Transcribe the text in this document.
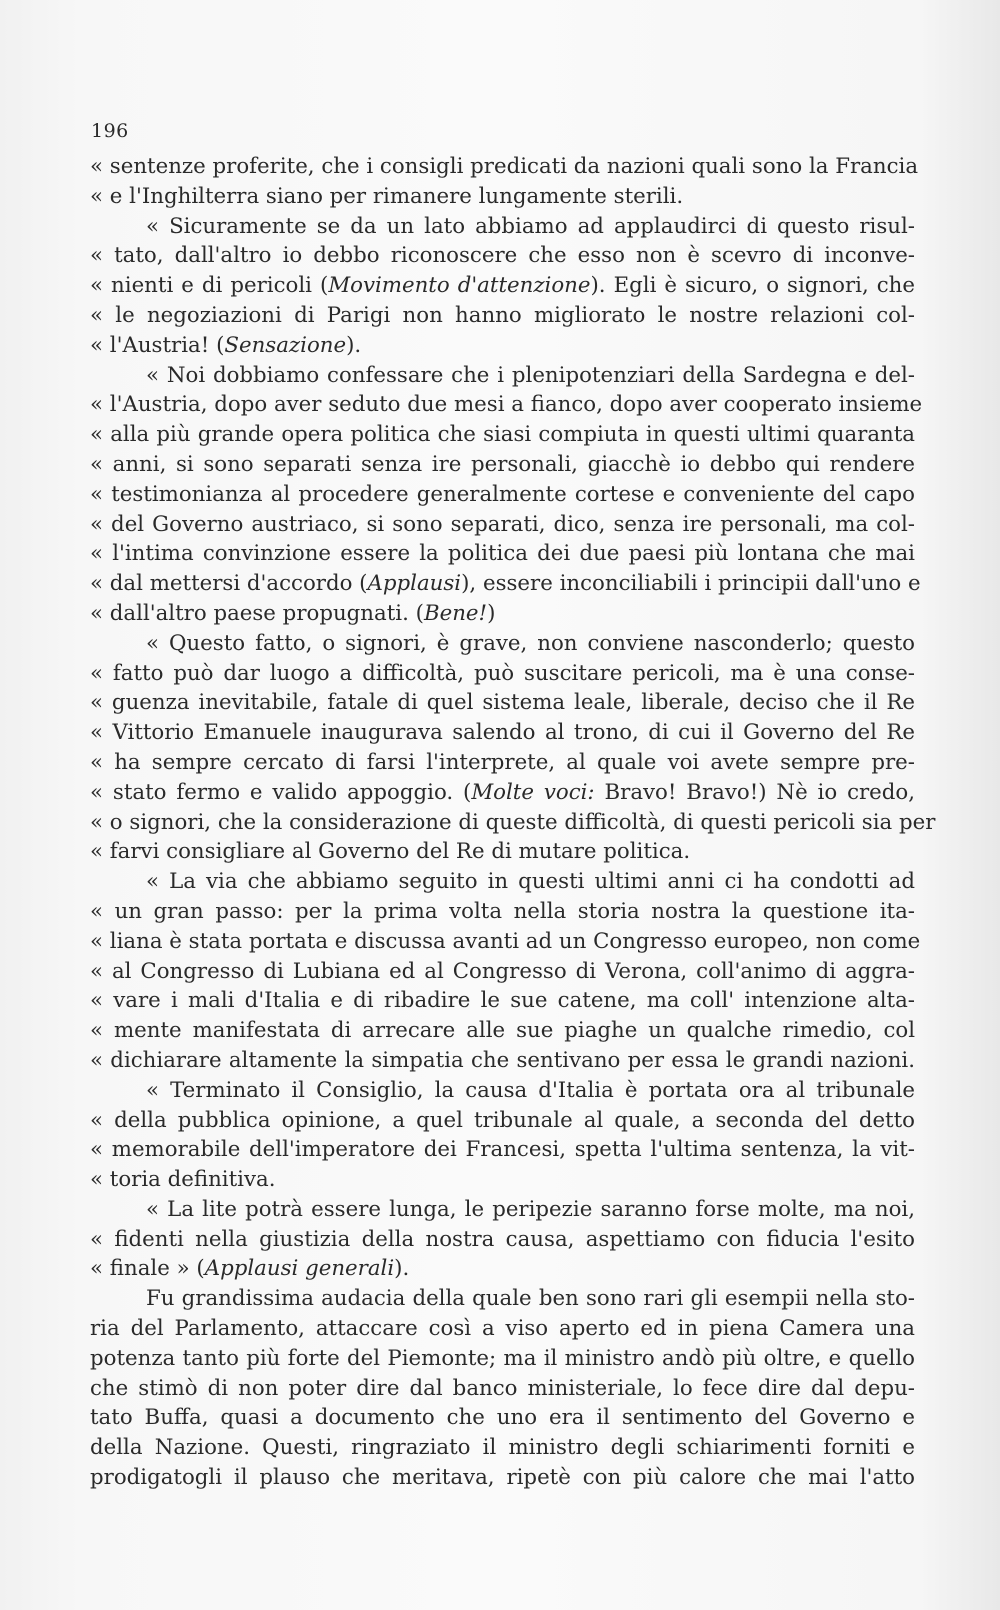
196
« sentenze proferite, che i consigli predicati da nazioni quali sono la Francia
« e l'Inghilterra siano per rimanere lungamente sterili.
« Sicuramente se da un lato abbiamo ad applaudirci di questo risul-
« tato, dall'altro io debbo riconoscere che esso non è scevro di inconve-
« nienti e di pericoli (Movimento d'attenzione). Egli è sicuro, o signori, che
« le negoziazioni di Parigi non hanno migliorato le nostre relazioni col-
« l'Austria! (Sensazione).
« Noi dobbiamo confessare che i plenipotenziari della Sardegna e del-
« l'Austria, dopo aver seduto due mesi a fianco, dopo aver cooperato insieme
« alla più grande opera politica che siasi compiuta in questi ultimi quaranta
« anni, si sono separati senza ire personali, giacchè io debbo qui rendere
« testimonianza al procedere generalmente cortese e conveniente del capo
« del Governo austriaco, si sono separati, dico, senza ire personali, ma col-
« l'intima convinzione essere la politica dei due paesi più lontana che mai
« dal mettersi d'accordo (Applausi), essere inconciliabili i principii dall'uno e
« dall'altro paese propugnati. (Bene!)
« Questo fatto, o signori, è grave, non conviene nasconderlo; questo
« fatto può dar luogo a difficoltà, può suscitare pericoli, ma è una conse-
« guenza inevitabile, fatale di quel sistema leale, liberale, deciso che il Re
« Vittorio Emanuele inaugurava salendo al trono, di cui il Governo del Re
« ha sempre cercato di farsi l'interprete, al quale voi avete sempre pre-
« stato fermo e valido appoggio. (Molte voci: Bravo! Bravo!) Nè io credo,
« o signori, che la considerazione di queste difficoltà, di questi pericoli sia per
« farvi consigliare al Governo del Re di mutare politica.
« La via che abbiamo seguito in questi ultimi anni ci ha condotti ad
« un gran passo: per la prima volta nella storia nostra la questione ita-
« liana è stata portata e discussa avanti ad un Congresso europeo, non come
« al Congresso di Lubiana ed al Congresso di Verona, coll'animo di aggra-
« vare i mali d'Italia e di ribadire le sue catene, ma coll' intenzione alta-
« mente manifestata di arrecare alle sue piaghe un qualche rimedio, col
« dichiarare altamente la simpatia che sentivano per essa le grandi nazioni.
« Terminato il Consiglio, la causa d'Italia è portata ora al tribunale
« della pubblica opinione, a quel tribunale al quale, a seconda del detto
« memorabile dell'imperatore dei Francesi, spetta l'ultima sentenza, la vit-
« toria definitiva.
« La lite potrà essere lunga, le peripezie saranno forse molte, ma noi,
« fidenti nella giustizia della nostra causa, aspettiamo con fiducia l'esito
« finale » (Applausi generali).
Fu grandissima audacia della quale ben sono rari gli esempii nella sto-
ria del Parlamento, attaccare così a viso aperto ed in piena Camera una
potenza tanto più forte del Piemonte; ma il ministro andò più oltre, e quello
che stimò di non poter dire dal banco ministeriale, lo fece dire dal depu-
tato Buffa, quasi a documento che uno era il sentimento del Governo e
della Nazione. Questi, ringraziato il ministro degli schiarimenti forniti e
prodigatogli il plauso che meritava, ripetè con più calore che mai l'atto
